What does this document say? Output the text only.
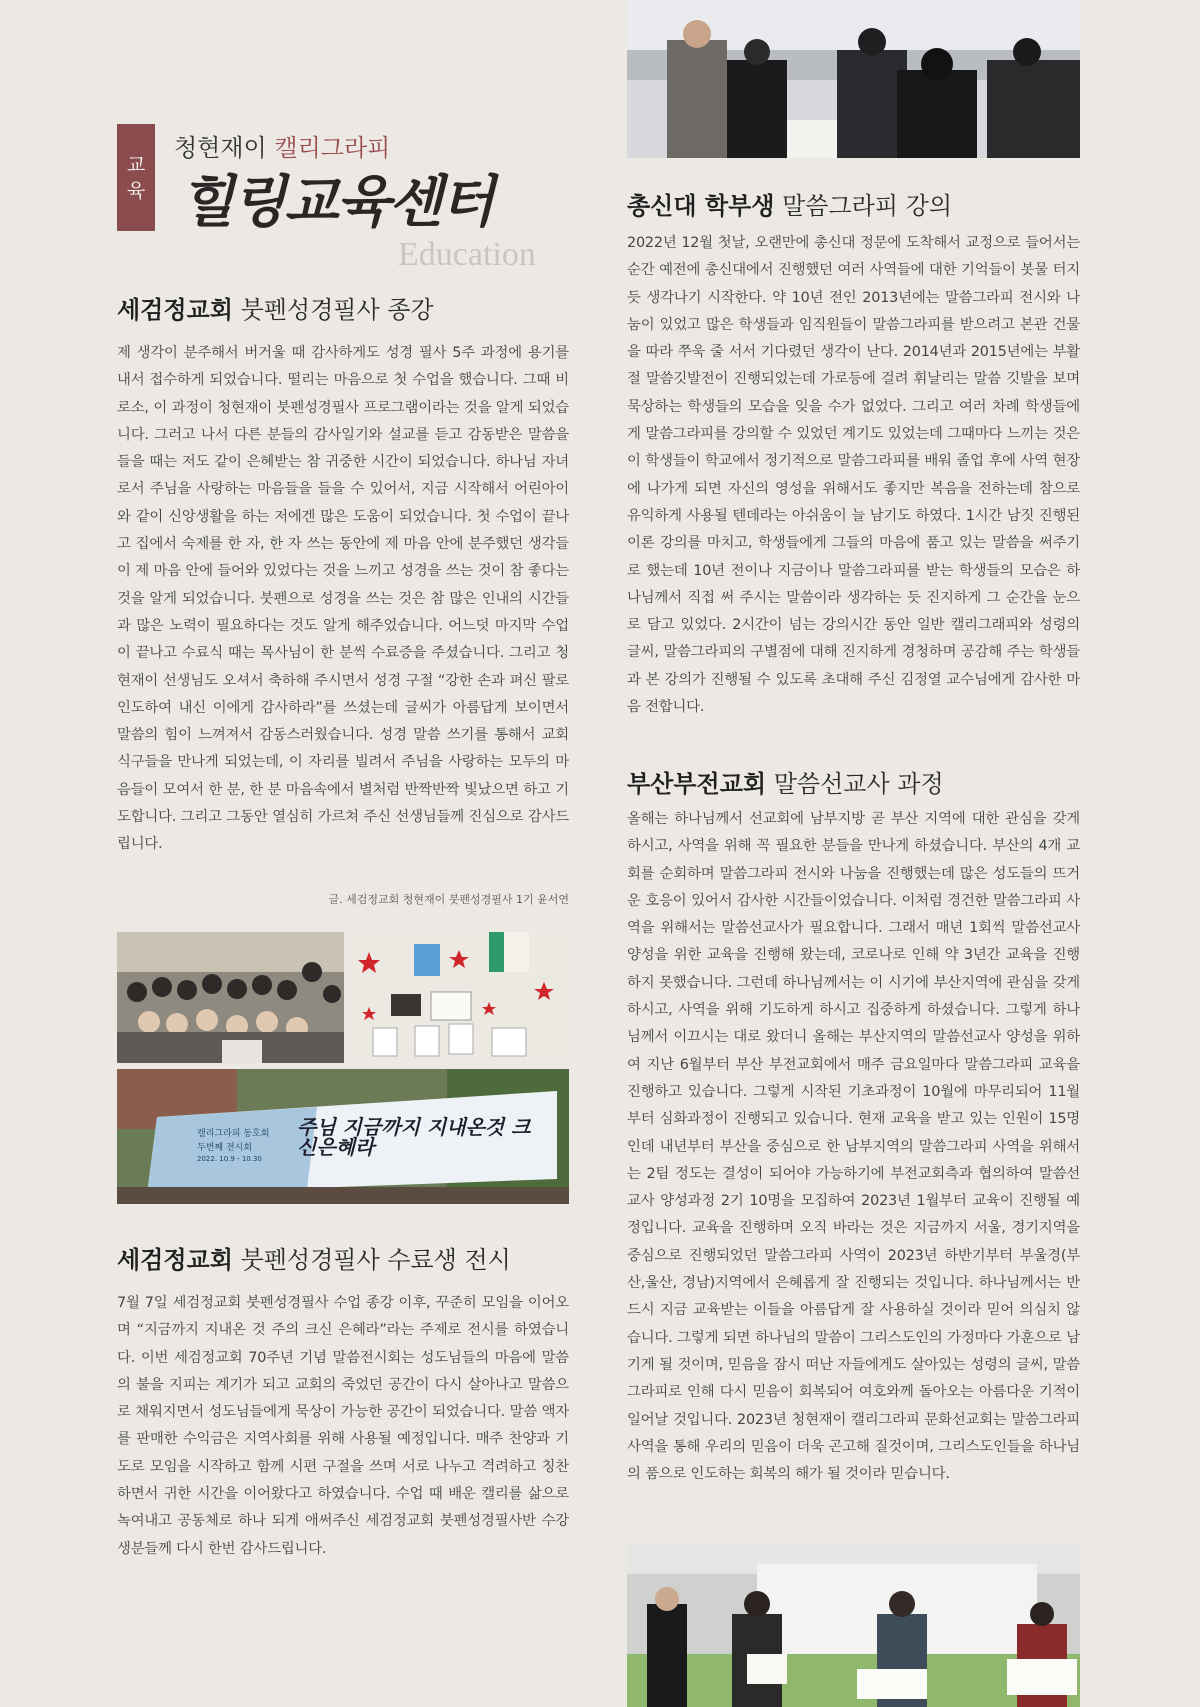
교
육
청현재이 캘리그라피
힐링교육센터
Education
세검정교회 붓펜성경필사 종강
제 생각이 분주해서 버거울 때 감사하게도 성경 필사 5주 과정에 용기를 내서 접수하게 되었습니다. 떨리는 마음으로 첫 수업을 했습니다. 그때 비로소, 이 과정이 청현재이 붓펜성경필사 프로그램이라는 것을 알게 되었습니다. 그러고 나서 다른 분들의 감사일기와 설교를 듣고 감동받은 말씀을 들을 때는 저도 같이 은혜받는 참 귀중한 시간이 되었습니다. 하나님 자녀로서 주님을 사랑하는 마음들을 들을 수 있어서, 지금 시작해서 어린아이와 같이 신앙생활을 하는 저에겐 많은 도움이 되었습니다. 첫 수업이 끝나고 집에서 숙제를 한 자, 한 자 쓰는 동안에 제 마음 안에 분주했던 생각들이 제 마음 안에 들어와 있었다는 것을 느끼고 성경을 쓰는 것이 참 좋다는 것을 알게 되었습니다. 붓펜으로 성경을 쓰는 것은 참 많은 인내의 시간들과 많은 노력이 필요하다는 것도 알게 해주었습니다. 어느덧 마지막 수업이 끝나고 수료식 때는 목사님이 한 분씩 수료증을 주셨습니다. 그리고 청현재이 선생님도 오셔서 축하해 주시면서 성경 구절 “강한 손과 펴신 팔로 인도하여 내신 이에게 감사하라”를 쓰셨는데 글씨가 아름답게 보이면서 말씀의 힘이 느껴져서 감동스러웠습니다. 성경 말씀 쓰기를 통해서 교회 식구들을 만나게 되었는데, 이 자리를 빌려서 주님을 사랑하는 모두의 마음들이 모여서 한 분, 한 분 마음속에서 별처럼 반짝반짝 빛났으면 하고 기도합니다. 그리고 그동안 열심히 가르쳐 주신 선생님들께 진심으로 감사드립니다.
글. 세검정교회 청현재이 붓펜성경필사 1기 윤서연
캘리그라피 동호회
두번째 전시회
2022. 10.9 - 10.30
주님 지금까지 지내온것 크신은혜라
세검정교회 붓펜성경필사 수료생 전시
7월 7일 세검정교회 붓펜성경필사 수업 종강 이후, 꾸준히 모임을 이어오며 “지금까지 지내온 것 주의 크신 은혜라”라는 주제로 전시를 하였습니다. 이번 세검정교회 70주년 기념 말씀전시회는 성도님들의 마음에 말씀의 불을 지피는 계기가 되고 교회의 죽었던 공간이 다시 살아나고 말씀으로 채워지면서 성도님들에게 묵상이 가능한 공간이 되었습니다. 말씀 액자를 판매한 수익금은 지역사회를 위해 사용될 예정입니다. 매주 찬양과 기도로 모임을 시작하고 함께 시편 구절을 쓰며 서로 나누고 격려하고 칭찬하면서 귀한 시간을 이어왔다고 하였습니다. 수업 때 배운 캘리를 삶으로 녹여내고 공동체로 하나 되게 애써주신 세검정교회 붓펜성경필사반 수강생분들께 다시 한번 감사드립니다.
총신대 학부생 말씀그라피 강의
2022년 12월 첫날, 오랜만에 총신대 정문에 도착해서 교정으로 들어서는 순간 예전에 총신대에서 진행했던 여러 사역들에 대한 기억들이 봇물 터지듯 생각나기 시작한다. 약 10년 전인 2013년에는 말씀그라피 전시와 나눔이 있었고 많은 학생들과 임직원들이 말씀그라피를 받으려고 본관 건물을 따라 쭈욱 줄 서서 기다렸던 생각이 난다. 2014년과 2015년에는 부활절 말씀깃발전이 진행되었는데 가로등에 걸려 휘날리는 말씀 깃발을 보며 묵상하는 학생들의 모습을 잊을 수가 없었다. 그리고 여러 차례 학생들에게 말씀그라피를 강의할 수 있었던 계기도 있었는데 그때마다 느끼는 것은 이 학생들이 학교에서 정기적으로 말씀그라피를 배워 졸업 후에 사역 현장에 나가게 되면 자신의 영성을 위해서도 좋지만 복음을 전하는데 참으로 유익하게 사용될 텐데라는 아쉬움이 늘 남기도 하였다. 1시간 남짓 진행된 이론 강의를 마치고, 학생들에게 그들의 마음에 품고 있는 말씀을 써주기로 했는데 10년 전이나 지금이나 말씀그라피를 받는 학생들의 모습은 하나님께서 직접 써 주시는 말씀이라 생각하는 듯 진지하게 그 순간을 눈으로 담고 있었다. 2시간이 넘는 강의시간 동안 일반 캘리그래피와 성령의 글씨, 말씀그라피의 구별점에 대해 진지하게 경청하며 공감해 주는 학생들과 본 강의가 진행될 수 있도록 초대해 주신 김정열 교수님에게 감사한 마음 전합니다.
부산부전교회 말씀선교사 과정
올해는 하나님께서 선교회에 남부지방 곧 부산 지역에 대한 관심을 갖게 하시고, 사역을 위해 꼭 필요한 분들을 만나게 하셨습니다. 부산의 4개 교회를 순회하며 말씀그라피 전시와 나눔을 진행했는데 많은 성도들의 뜨거운 호응이 있어서 감사한 시간들이었습니다. 이처럼 경건한 말씀그라피 사역을 위해서는 말씀선교사가 필요합니다. 그래서 매년 1회씩 말씀선교사 양성을 위한 교육을 진행해 왔는데, 코로나로 인해 약 3년간 교육을 진행하지 못했습니다. 그런데 하나님께서는 이 시기에 부산지역에 관심을 갖게 하시고, 사역을 위해 기도하게 하시고 집중하게 하셨습니다. 그렇게 하나님께서 이끄시는 대로 왔더니 올해는 부산지역의 말씀선교사 양성을 위하여 지난 6월부터 부산 부전교회에서 매주 금요일마다 말씀그라피 교육을 진행하고 있습니다. 그렇게 시작된 기초과정이 10월에 마무리되어 11월부터 심화과정이 진행되고 있습니다. 현재 교육을 받고 있는 인원이 15명인데 내년부터 부산을 중심으로 한 남부지역의 말씀그라피 사역을 위해서는 2팀 정도는 결성이 되어야 가능하기에 부전교회측과 협의하여 말씀선교사 양성과정 2기 10명을 모집하여 2023년 1월부터 교육이 진행될 예정입니다. 교육을 진행하며 오직 바라는 것은 지금까지 서울, 경기지역을 중심으로 진행되었던 말씀그라피 사역이 2023년 하반기부터 부울경(부산,울산, 경남)지역에서 은혜롭게 잘 진행되는 것입니다. 하나님께서는 반드시 지금 교육받는 이들을 아름답게 잘 사용하실 것이라 믿어 의심치 않습니다. 그렇게 되면 하나님의 말씀이 그리스도인의 가정마다 가훈으로 남기게 될 것이며, 믿음을 잠시 떠난 자들에게도 살아있는 성령의 글씨, 말씀그라피로 인해 다시 믿음이 회복되어 여호와께 돌아오는 아름다운 기적이 일어날 것입니다. 2023년 청현재이 캘리그라피 문화선교회는 말씀그라피 사역을 통해 우리의 믿음이 더욱 곤고해 질것이며, 그리스도인들을 하나님의 품으로 인도하는 회복의 해가 될 것이라 믿습니다.
